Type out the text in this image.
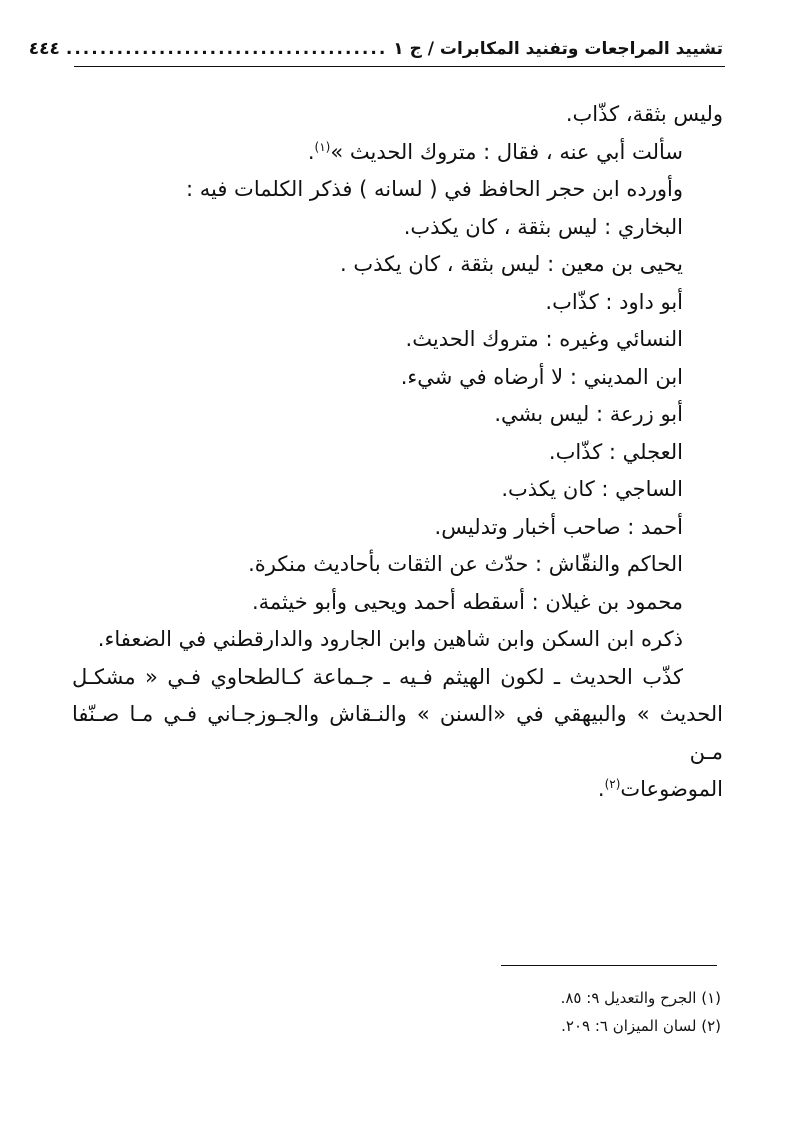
تشييد المراجعات وتفنيد المكابرات / ج ١
......................................
٤٤٤

وليس بثقة، كذّاب.

سألت أبي عنه ، فقال : متروك الحديث »$^{(١)}$.

وأورده ابن حجر الحافظ في ( لسانه ) فذكر الكلمات فيه :

البخاري : ليس بثقة ، كان يكذب.

يحيى بن معين : ليس بثقة ، كان يكذب .

أبو داود : كذّاب.

النسائي وغيره : متروك الحديث.

ابن المديني : لا أرضاه في شيء.

أبو زرعة : ليس بشي.

العجلي : كذّاب.

الساجي : كان يكذب.

أحمد : صاحب أخبار وتدليس.

الحاكم والنقّاش : حدّث عن الثقات بأحاديث منكرة.

محمود بن غيلان : أسقطه أحمد ويحيى وأبو خيثمة.

ذكره ابن السكن وابن شاهين وابن الجارود والدارقطني في الضعفاء.

كذّب الحديث ـ لكون الهيثم فـيه ـ جـماعة كـالطحاوي فـي « مشكـل

الحديث » والبيهقي في «السنن » والنـقاش والجـوزجـاني فـي مـا صـنّفا مـن

الموضوعات$^{(٢)}$.

(١) الجرح والتعديل ٩: ٨٥.

(٢) لسان الميزان ٦: ٢٠٩.
